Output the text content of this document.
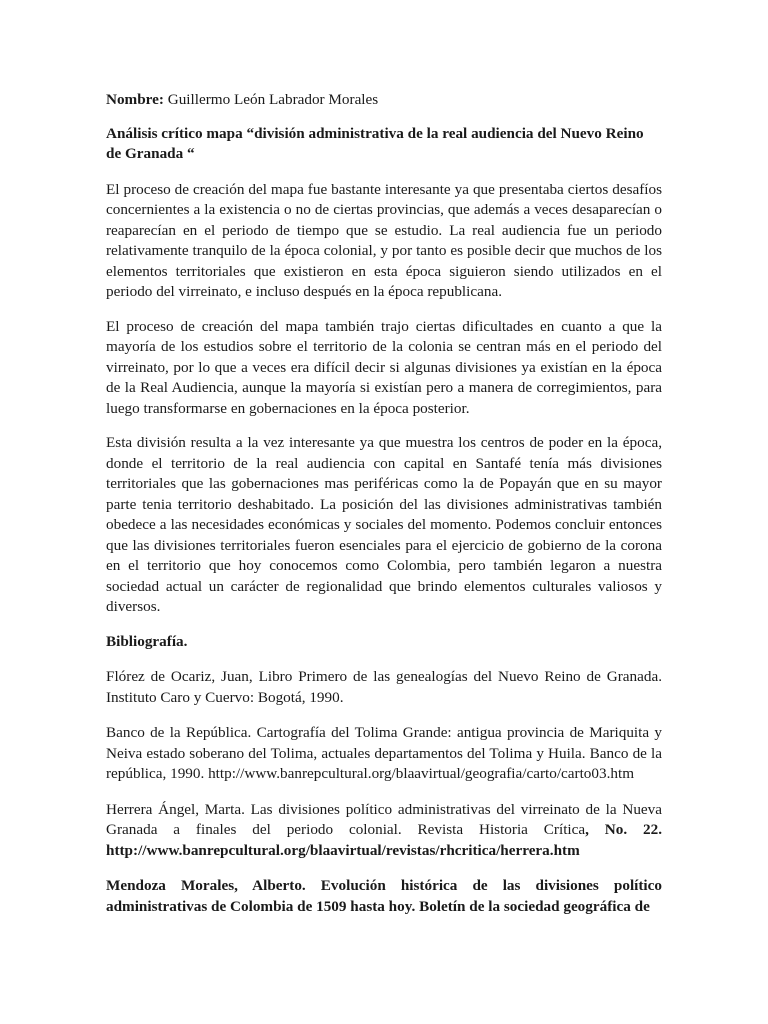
Nombre: Guillermo León Labrador Morales

Análisis crítico mapa “división administrativa de la real audiencia del Nuevo Reino de Granada “

El proceso de creación del mapa fue bastante interesante ya que presentaba ciertos desafíos concernientes a la existencia o no de ciertas provincias, que además a veces desaparecían o reaparecían en el periodo de tiempo que se estudio. La real audiencia fue un periodo relativamente tranquilo de la época colonial, y por tanto es posible decir que muchos de los elementos territoriales que existieron en esta época siguieron siendo utilizados en el periodo del virreinato, e incluso después en la época republicana.

El proceso de creación del mapa también trajo ciertas dificultades en cuanto a que la mayoría de los estudios sobre el territorio de la colonia se centran más en el periodo del virreinato, por lo que a veces era difícil decir si algunas divisiones ya existían en la época de la Real Audiencia, aunque la mayoría si existían pero a manera de corregimientos, para luego transformarse en gobernaciones en la época posterior.

Esta división resulta a la vez interesante ya que muestra los centros de poder en la época, donde el territorio de la real audiencia con capital en Santafé tenía más divisiones territoriales que las gobernaciones mas periféricas como la de Popayán que en su mayor parte tenia territorio deshabitado. La posición del las divisiones administrativas también obedece a las necesidades económicas y sociales del momento. Podemos concluir entonces que las divisiones territoriales fueron esenciales para el ejercicio de gobierno de la corona en el territorio que hoy conocemos como Colombia, pero también legaron a nuestra sociedad actual un carácter de regionalidad que brindo elementos culturales valiosos y diversos.

Bibliografía.

Flórez de Ocariz, Juan, Libro Primero de las genealogías del Nuevo Reino de Granada. Instituto Caro y Cuervo: Bogotá, 1990.

Banco de la República. Cartografía del Tolima Grande: antigua provincia de Mariquita y Neiva estado soberano del Tolima, actuales departamentos del Tolima y Huila. Banco de la república, 1990. http://www.banrepcultural.org/blaavirtual/geografia/carto/carto03.htm

Herrera Ángel, Marta. Las divisiones político administrativas del virreinato de la Nueva Granada a finales del periodo colonial. Revista Historia Crítica, No. 22. http://www.banrepcultural.org/blaavirtual/revistas/rhcritica/herrera.htm

Mendoza Morales, Alberto. Evolución histórica de las divisiones político administrativas de Colombia de 1509 hasta hoy. Boletín de la sociedad geográfica de
